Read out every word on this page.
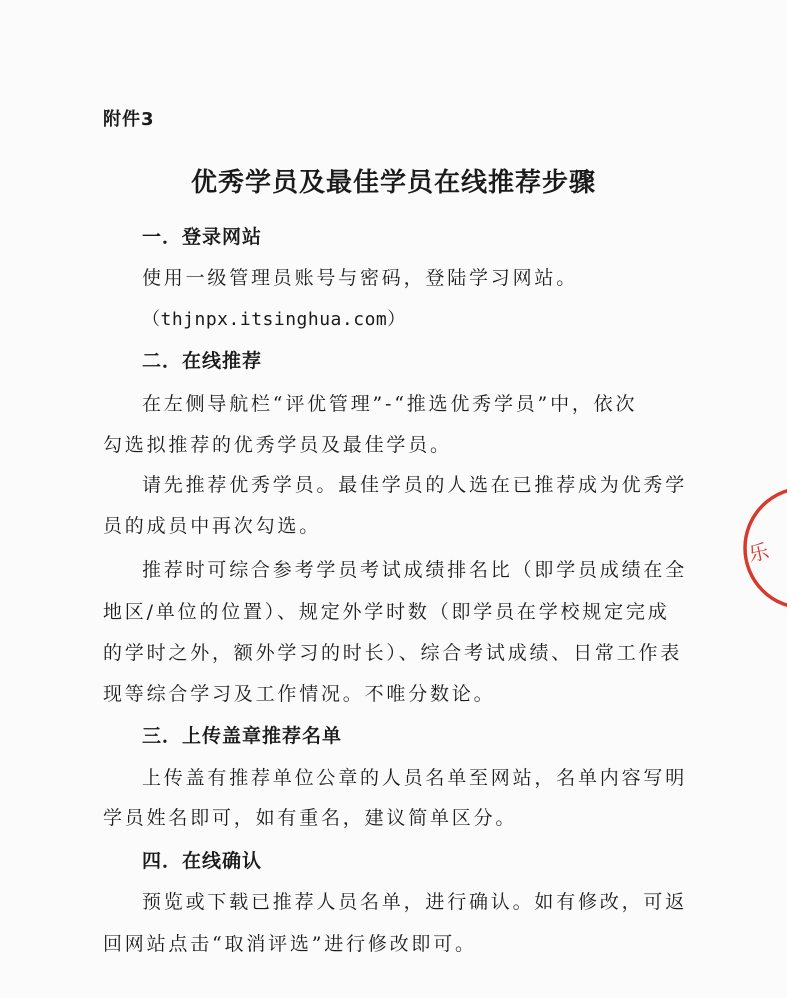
附件3
优秀学员及最佳学员在线推荐步骤
一．登录网站
使用一级管理员账号与密码，登陆学习网站。
（thjnpx.itsinghua.com）
二．在线推荐
在左侧导航栏“评优管理”-“推选优秀学员”中，依次
勾选拟推荐的优秀学员及最佳学员。
请先推荐优秀学员。最佳学员的人选在已推荐成为优秀学
员的成员中再次勾选。
推荐时可综合参考学员考试成绩排名比（即学员成绩在全
地区/单位的位置）、规定外学时数（即学员在学校规定完成
的学时之外，额外学习的时长）、综合考试成绩、日常工作表
现等综合学习及工作情况。不唯分数论。
三．上传盖章推荐名单
上传盖有推荐单位公章的人员名单至网站，名单内容写明
学员姓名即可，如有重名，建议简单区分。
四．在线确认
预览或下载已推荐人员名单，进行确认。如有修改，可返
回网站点击“取消评选”进行修改即可。
乐
